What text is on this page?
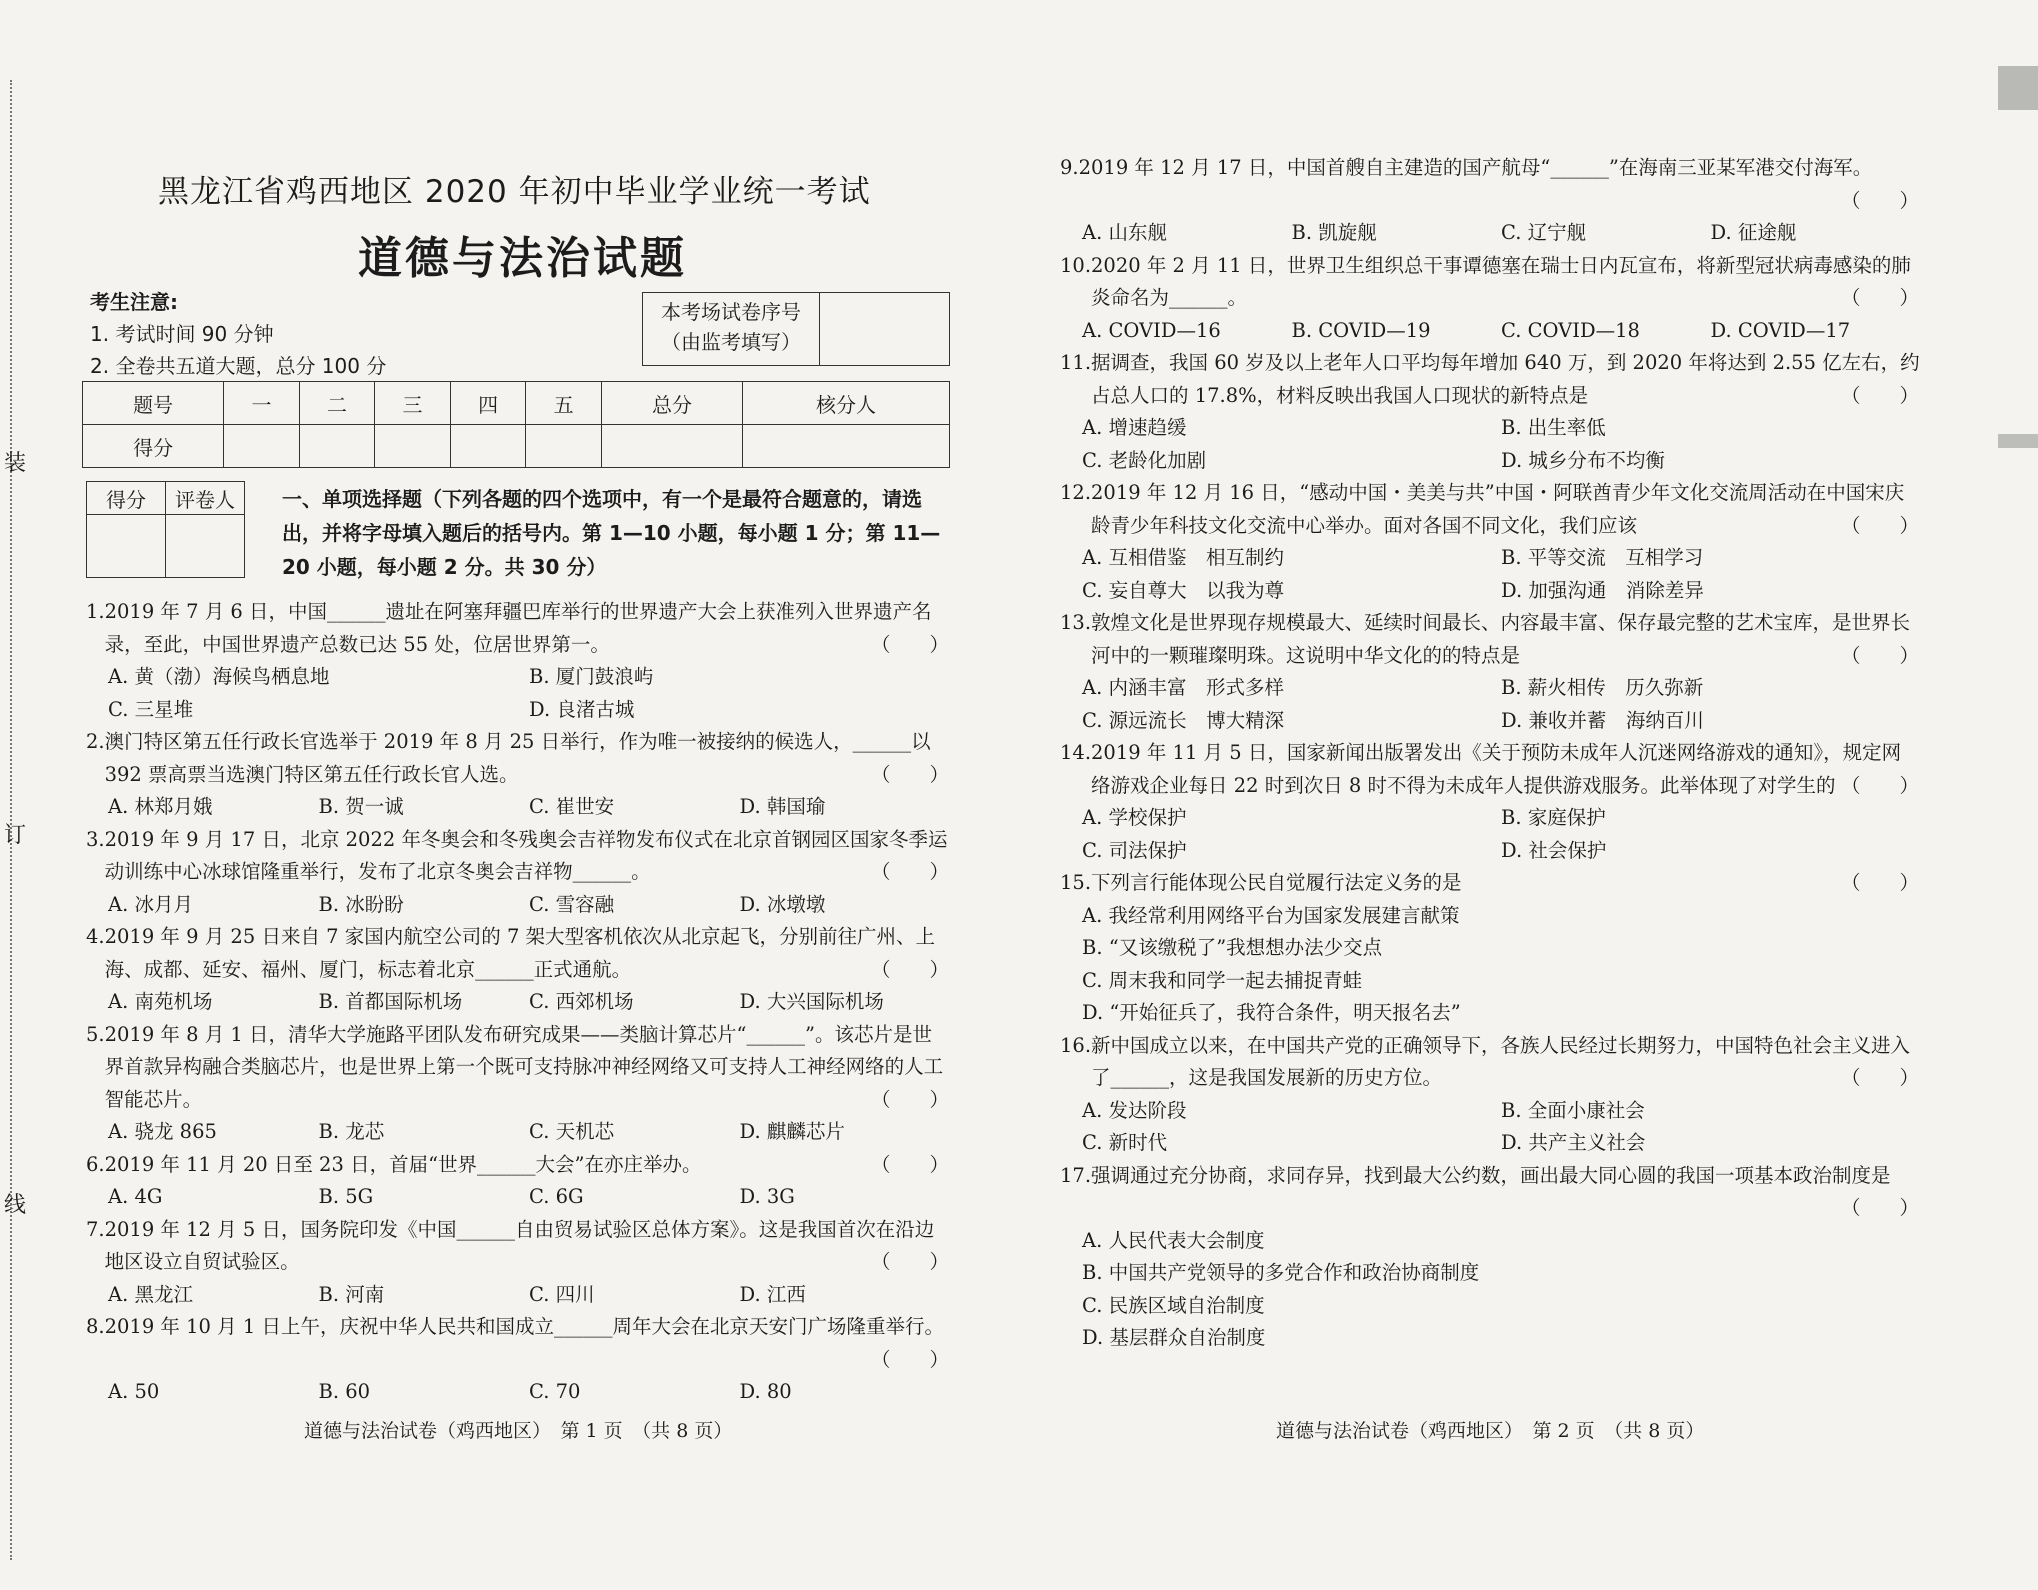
装
订
线
黑龙江省鸡西地区 2020 年初中毕业学业统一考试
道德与法治试题
考生注意:
1. 考试时间 90 分钟
2. 全卷共五道大题，总分 100 分
本考场试卷序号
（由监考填写）
题号	一	二	三	四	五	总分	核分人
得分							
得分	评卷人
	一、单项选择题（下列各题的四个选项中，有一个是最符合题意的，请选出，并将字母填入题后的括号内。第 1—10 小题，每小题 1 分；第 11—20 小题，每小题 2 分。共 30 分）
1. 2019 年 7 月 6 日，中国______遗址在阿塞拜疆巴库举行的世界遗产大会上获准列入世界遗产名录，至此，中国世界遗产总数已达 55 处，位居世界第一。	（　　）
A. 黄（渤）海候鸟栖息地	B. 厦门鼓浪屿
C. 三星堆	D. 良渚古城
2. 澳门特区第五任行政长官选举于 2019 年 8 月 25 日举行，作为唯一被接纳的候选人，______以 392 票高票当选澳门特区第五任行政长官人选。	（　　）
A. 林郑月娥	B. 贺一诚	C. 崔世安	D. 韩国瑜
3. 2019 年 9 月 17 日，北京 2022 年冬奥会和冬残奥会吉祥物发布仪式在北京首钢园区国家冬季运动训练中心冰球馆隆重举行，发布了北京冬奥会吉祥物______。	（　　）
A. 冰月月	B. 冰盼盼	C. 雪容融	D. 冰墩墩
4. 2019 年 9 月 25 日来自 7 家国内航空公司的 7 架大型客机依次从北京起飞，分别前往广州、上海、成都、延安、福州、厦门，标志着北京______正式通航。	（　　）
A. 南苑机场	B. 首都国际机场	C. 西郊机场	D. 大兴国际机场
5. 2019 年 8 月 1 日，清华大学施路平团队发布研究成果——类脑计算芯片“______”。该芯片是世界首款异构融合类脑芯片，也是世界上第一个既可支持脉冲神经网络又可支持人工神经网络的人工智能芯片。	（　　）
A. 骁龙 865	B. 龙芯	C. 天机芯	D. 麒麟芯片
6. 2019 年 11 月 20 日至 23 日，首届“世界______大会”在亦庄举办。	（　　）
A. 4G	B. 5G	C. 6G	D. 3G
7. 2019 年 12 月 5 日，国务院印发《中国______自由贸易试验区总体方案》。这是我国首次在沿边地区设立自贸试验区。	（　　）
A. 黑龙江	B. 河南	C. 四川	D. 江西
8. 2019 年 10 月 1 日上午，庆祝中华人民共和国成立______周年大会在北京天安门广场隆重举行。
（　　）
A. 50	B. 60	C. 70	D. 80
道德与法治试卷（鸡西地区）　第 1 页　（共 8 页）
9. 2019 年 12 月 17 日，中国首艘自主建造的国产航母“______”在海南三亚某军港交付海军。
（　　）
A. 山东舰	B. 凯旋舰	C. 辽宁舰	D. 征途舰
10. 2020 年 2 月 11 日，世界卫生组织总干事谭德塞在瑞士日内瓦宣布，将新型冠状病毒感染的肺炎命名为______。	（　　）
A. COVID—16	B. COVID—19	C. COVID—18	D. COVID—17
11. 据调查，我国 60 岁及以上老年人口平均每年增加 640 万，到 2020 年将达到 2.55 亿左右，约占总人口的 17.8%，材料反映出我国人口现状的新特点是	（　　）
A. 增速趋缓	B. 出生率低
C. 老龄化加剧	D. 城乡分布不均衡
12. 2019 年 12 月 16 日，“感动中国・美美与共”中国・阿联酋青少年文化交流周活动在中国宋庆龄青少年科技文化交流中心举办。面对各国不同文化，我们应该	（　　）
A. 互相借鉴　相互制约	B. 平等交流　互相学习
C. 妄自尊大　以我为尊	D. 加强沟通　消除差异
13. 敦煌文化是世界现存规模最大、延续时间最长、内容最丰富、保存最完整的艺术宝库，是世界长河中的一颗璀璨明珠。这说明中华文化的的特点是	（　　）
A. 内涵丰富　形式多样	B. 薪火相传　历久弥新
C. 源远流长　博大精深	D. 兼收并蓄　海纳百川
14. 2019 年 11 月 5 日，国家新闻出版署发出《关于预防未成年人沉迷网络游戏的通知》，规定网络游戏企业每日 22 时到次日 8 时不得为未成年人提供游戏服务。此举体现了对学生的 （　　）
A. 学校保护	B. 家庭保护
C. 司法保护	D. 社会保护
15. 下列言行能体现公民自觉履行法定义务的是	（　　）
A. 我经常利用网络平台为国家发展建言献策
B. “又该缴税了”我想想办法少交点
C. 周末我和同学一起去捕捉青蛙
D. “开始征兵了，我符合条件，明天报名去”
16. 新中国成立以来，在中国共产党的正确领导下，各族人民经过长期努力，中国特色社会主义进入了______，这是我国发展新的历史方位。	（　　）
A. 发达阶段	B. 全面小康社会
C. 新时代	D. 共产主义社会
17. 强调通过充分协商，求同存异，找到最大公约数，画出最大同心圆的我国一项基本政治制度是
（　　）
A. 人民代表大会制度
B. 中国共产党领导的多党合作和政治协商制度
C. 民族区域自治制度
D. 基层群众自治制度
道德与法治试卷（鸡西地区）　第 2 页　（共 8 页）
